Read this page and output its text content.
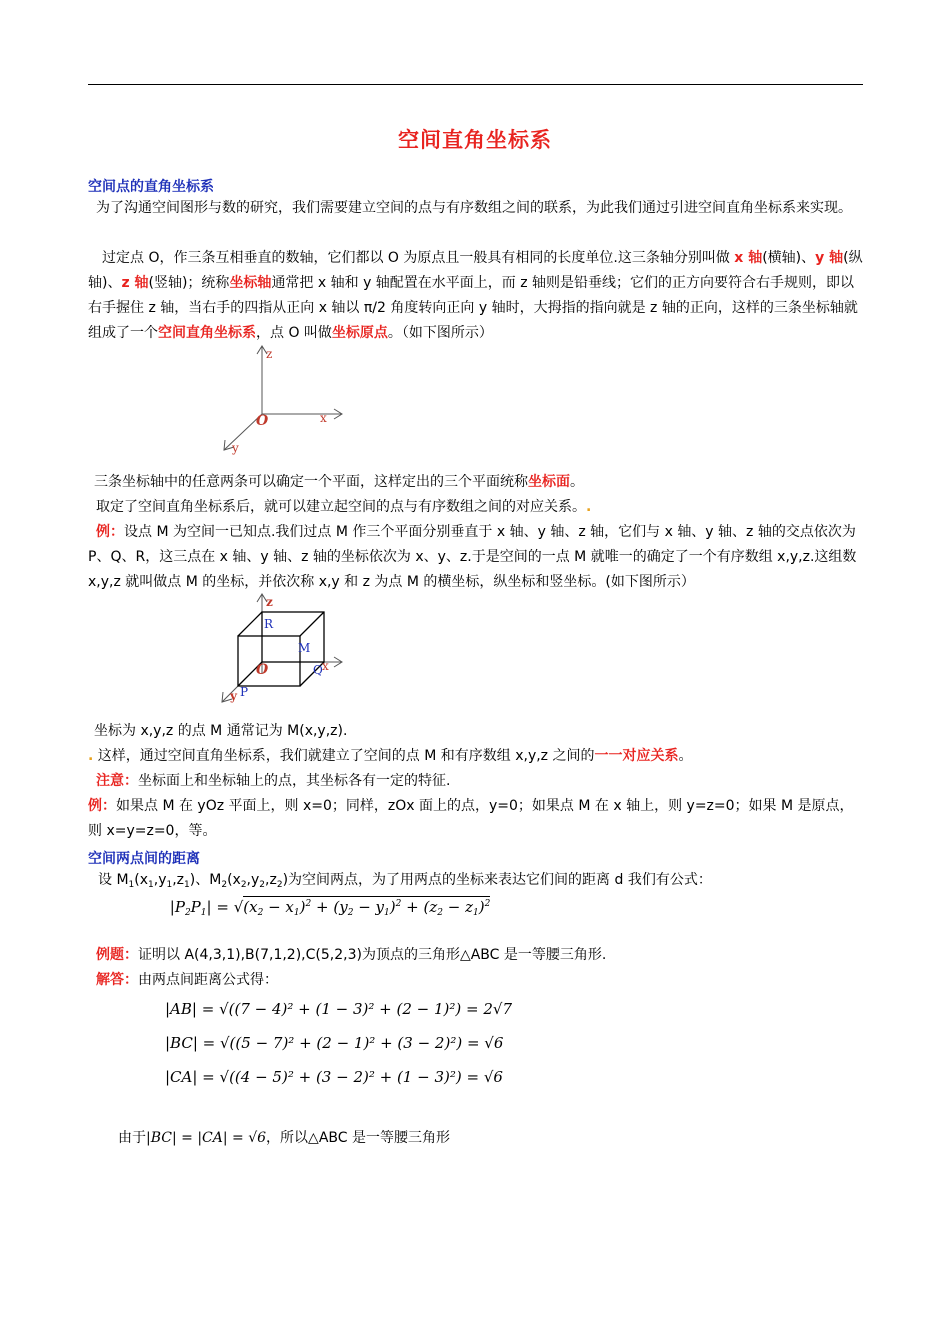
空间直角坐标系
空间点的直角坐标系
为了沟通空间图形与数的研究，我们需要建立空间的点与有序数组之间的联系，为此我们通过引进空间直角坐标系来实现。
过定点 O，作三条互相垂直的数轴，它们都以 O 为原点且一般具有相同的长度单位.这三条轴分别叫做 x 轴(横轴)、y 轴(纵轴)、z 轴(竖轴)；统称坐标轴通常把 x 轴和 y 轴配置在水平面上，而 z 轴则是铅垂线；它们的正方向要符合右手规则，即以右手握住 z 轴，当右手的四指从正向 x 轴以 π/2 角度转向正向 y 轴时，大拇指的指向就是 z 轴的正向，这样的三条坐标轴就组成了一个空间直角坐标系，点 O 叫做坐标原点。（如下图所示）
z
O	x
y
三条坐标轴中的任意两条可以确定一个平面，这样定出的三个平面统称坐标面。
取定了空间直角坐标系后，就可以建立起空间的点与有序数组之间的对应关系。.
例：设点 M 为空间一已知点.我们过点 M 作三个平面分别垂直于 x 轴、y 轴、z 轴，它们与 x 轴、y 轴、z 轴的交点依次为 P、Q、R，这三点在 x 轴、y 轴、z 轴的坐标依次为 x、y、z.于是空间的一点 M 就唯一的确定了一个有序数组 x,y,z.这组数 x,y,z 就叫做点 M 的坐标，并依次称 x,y 和 z 为点 M 的横坐标，纵坐标和竖坐标。(如下图所示）
z
R
M
O	Q x
y P
坐标为 x,y,z 的点 M 通常记为 M(x,y,z).
. 这样，通过空间直角坐标系，我们就建立了空间的点 M 和有序数组 x,y,z 之间的一一对应关系。
注意：坐标面上和坐标轴上的点，其坐标各有一定的特征.
例：如果点 M 在 yOz 平面上，则 x=0；同样，zOx 面上的点，y=0；如果点 M 在 x 轴上，则 y=z=0；如果 M 是原点，则 x=y=z=0，等。
空间两点间的距离
设 $M_1(x_1,y_1,z_1)$、$M_2(x_2,y_2,z_2)$为空间两点，为了用两点的坐标来表达它们间的距离 d 我们有公式：
$|P_2P_1| = √(x_2 - x_1)^2 + (y_2 - y_1)^2 + (z_2 - z_1)^2$
例题：证明以 A(4,3,1),B(7,1,2),C(5,2,3)为顶点的三角形△ABC 是一等腰三角形.
解答：由两点间距离公式得：
|AB| = √((7 − 4)² + (1 − 3)² + (2 − 1)²) = 2√7
|BC| = √((5 − 7)² + (2 − 1)² + (3 − 2)²) = √6
|CA| = √((4 − 5)² + (3 − 2)² + (1 − 3)²) = √6
由于|BC| = |CA| = √6，所以△ABC 是一等腰三角形
